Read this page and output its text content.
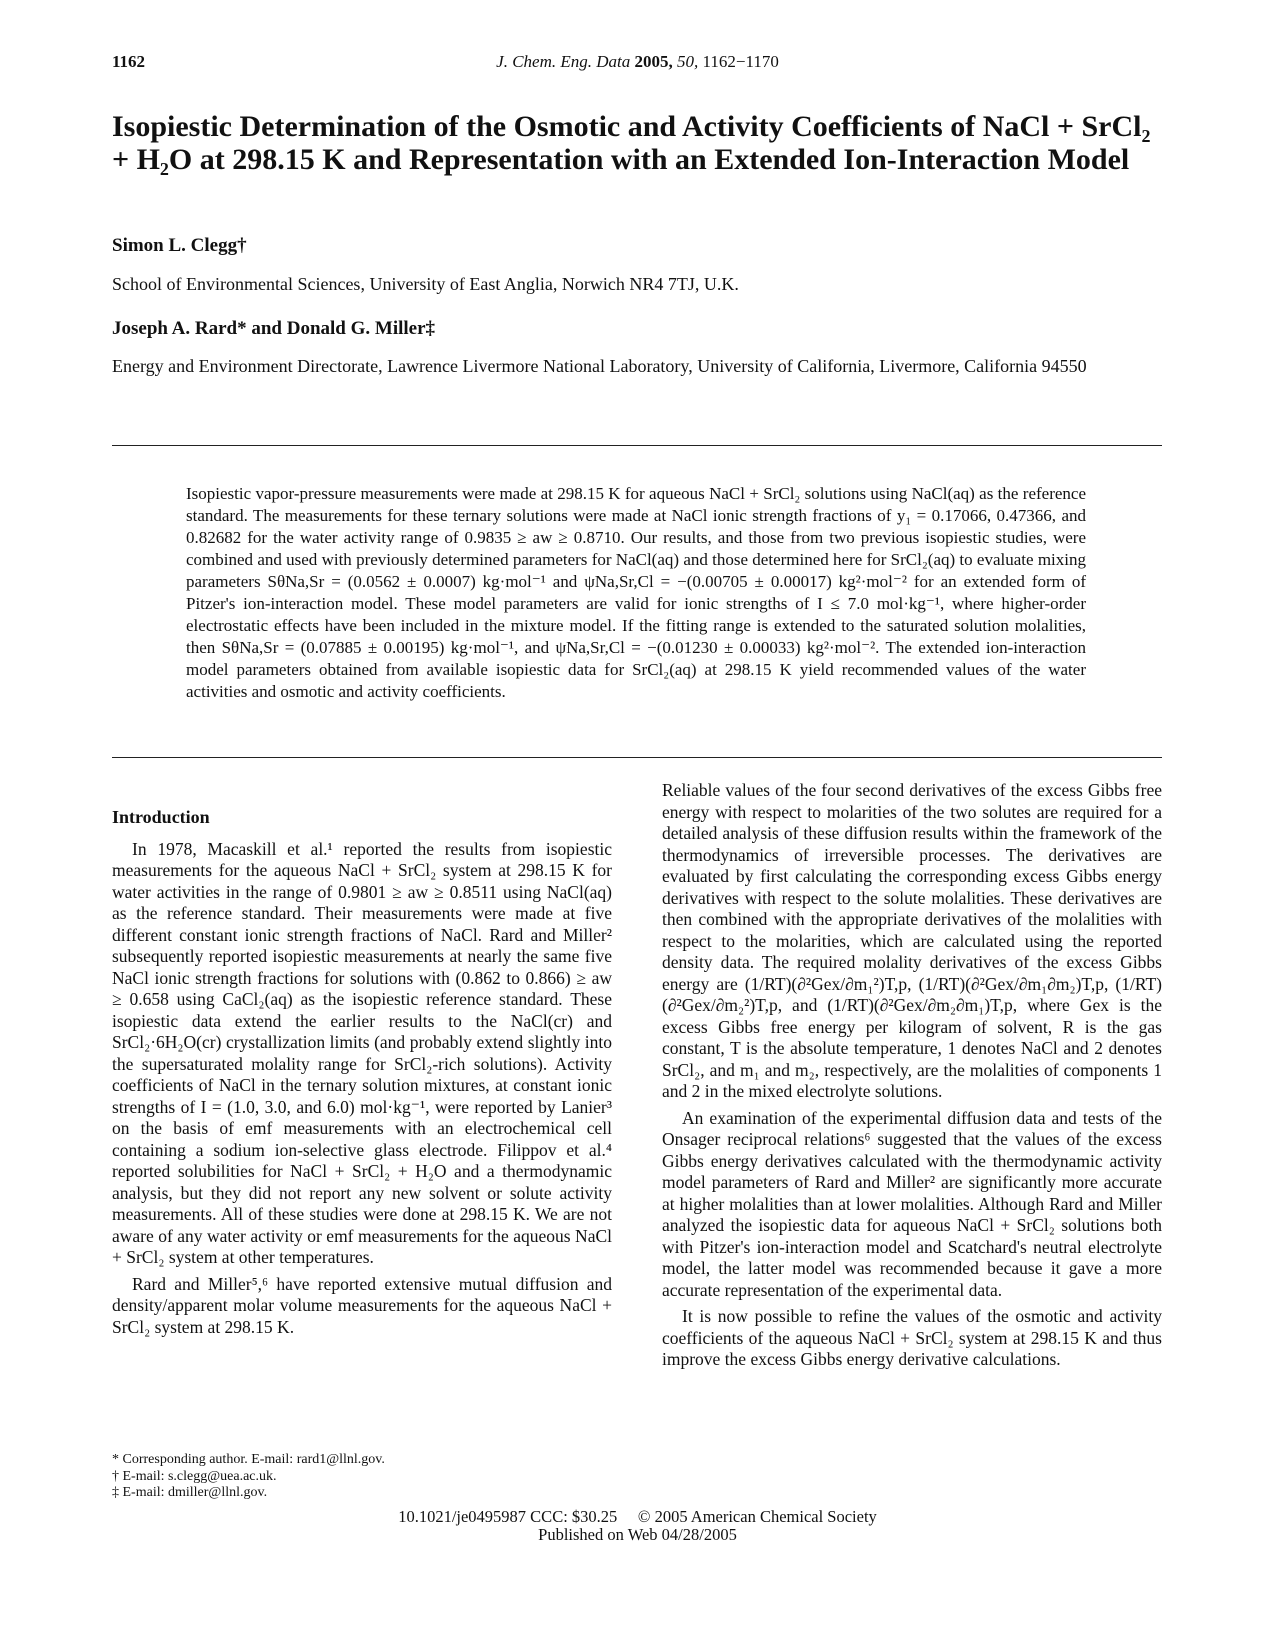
1162	J. Chem. Eng. Data 2005, 50, 1162−1170
Isopiestic Determination of the Osmotic and Activity Coefficients of NaCl + SrCl₂ + H₂O at 298.15 K and Representation with an Extended Ion-Interaction Model
Simon L. Clegg†
School of Environmental Sciences, University of East Anglia, Norwich NR4 7TJ, U.K.
Joseph A. Rard* and Donald G. Miller‡
Energy and Environment Directorate, Lawrence Livermore National Laboratory, University of California, Livermore, California 94550
Isopiestic vapor-pressure measurements were made at 298.15 K for aqueous NaCl + SrCl₂ solutions using NaCl(aq) as the reference standard. The measurements for these ternary solutions were made at NaCl ionic strength fractions of y₁ = 0.17066, 0.47366, and 0.82682 for the water activity range of 0.9835 ≥ aw ≥ 0.8710. Our results, and those from two previous isopiestic studies, were combined and used with previously determined parameters for NaCl(aq) and those determined here for SrCl₂(aq) to evaluate mixing parameters SθNa,Sr = (0.0562 ± 0.0007) kg·mol⁻¹ and ψNa,Sr,Cl = −(0.00705 ± 0.00017) kg²·mol⁻² for an extended form of Pitzer's ion-interaction model. These model parameters are valid for ionic strengths of I ≤ 7.0 mol·kg⁻¹, where higher-order electrostatic effects have been included in the mixture model. If the fitting range is extended to the saturated solution molalities, then SθNa,Sr = (0.07885 ± 0.00195) kg·mol⁻¹, and ψNa,Sr,Cl = −(0.01230 ± 0.00033) kg²·mol⁻². The extended ion-interaction model parameters obtained from available isopiestic data for SrCl₂(aq) at 298.15 K yield recommended values of the water activities and osmotic and activity coefficients.
Introduction

In 1978, Macaskill et al.¹ reported the results from isopiestic measurements for the aqueous NaCl + SrCl₂ system at 298.15 K for water activities in the range of 0.9801 ≥ aw ≥ 0.8511 using NaCl(aq) as the reference standard. Their measurements were made at five different constant ionic strength fractions of NaCl. Rard and Miller² subsequently reported isopiestic measurements at nearly the same five NaCl ionic strength fractions for solutions with (0.862 to 0.866) ≥ aw ≥ 0.658 using CaCl₂(aq) as the isopiestic reference standard. These isopiestic data extend the earlier results to the NaCl(cr) and SrCl₂·6H₂O(cr) crystallization limits (and probably extend slightly into the supersaturated molality range for SrCl₂-rich solutions). Activity coefficients of NaCl in the ternary solution mixtures, at constant ionic strengths of I = (1.0, 3.0, and 6.0) mol·kg⁻¹, were reported by Lanier³ on the basis of emf measurements with an electrochemical cell containing a sodium ion-selective glass electrode. Filippov et al.⁴ reported solubilities for NaCl + SrCl₂ + H₂O and a thermodynamic analysis, but they did not report any new solvent or solute activity measurements. All of these studies were done at 298.15 K. We are not aware of any water activity or emf measurements for the aqueous NaCl + SrCl₂ system at other temperatures.

Rard and Miller⁵,⁶ have reported extensive mutual diffusion and density/apparent molar volume measurements for the aqueous NaCl + SrCl₂ system at 298.15 K.

Reliable values of the four second derivatives of the excess Gibbs free energy with respect to molarities of the two solutes are required for a detailed analysis of these diffusion results within the framework of the thermodynamics of irreversible processes. The derivatives are evaluated by first calculating the corresponding excess Gibbs energy derivatives with respect to the solute molalities. These derivatives are then combined with the appropriate derivatives of the molalities with respect to the molarities, which are calculated using the reported density data. The required molality derivatives of the excess Gibbs energy are (1/RT)(∂²Gex/∂m₁²)T,p, (1/RT)(∂²Gex/∂m₁∂m₂)T,p, (1/RT)(∂²Gex/∂m₂²)T,p, and (1/RT)(∂²Gex/∂m₂∂m₁)T,p, where Gex is the excess Gibbs free energy per kilogram of solvent, R is the gas constant, T is the absolute temperature, 1 denotes NaCl and 2 denotes SrCl₂, and m₁ and m₂, respectively, are the molalities of components 1 and 2 in the mixed electrolyte solutions.

An examination of the experimental diffusion data and tests of the Onsager reciprocal relations⁶ suggested that the values of the excess Gibbs energy derivatives calculated with the thermodynamic activity model parameters of Rard and Miller² are significantly more accurate at higher molalities than at lower molalities. Although Rard and Miller analyzed the isopiestic data for aqueous NaCl + SrCl₂ solutions both with Pitzer's ion-interaction model and Scatchard's neutral electrolyte model, the latter model was recommended because it gave a more accurate representation of the experimental data.

It is now possible to refine the values of the osmotic and activity coefficients of the aqueous NaCl + SrCl₂ system at 298.15 K and thus improve the excess Gibbs energy derivative calculations.

* Corresponding author. E-mail: rard1@llnl.gov.
† E-mail: s.clegg@uea.ac.uk.
‡ E-mail: dmiller@llnl.gov.
10.1021/je0495987 CCC: $30.25     © 2005 American Chemical Society
Published on Web 04/28/2005
